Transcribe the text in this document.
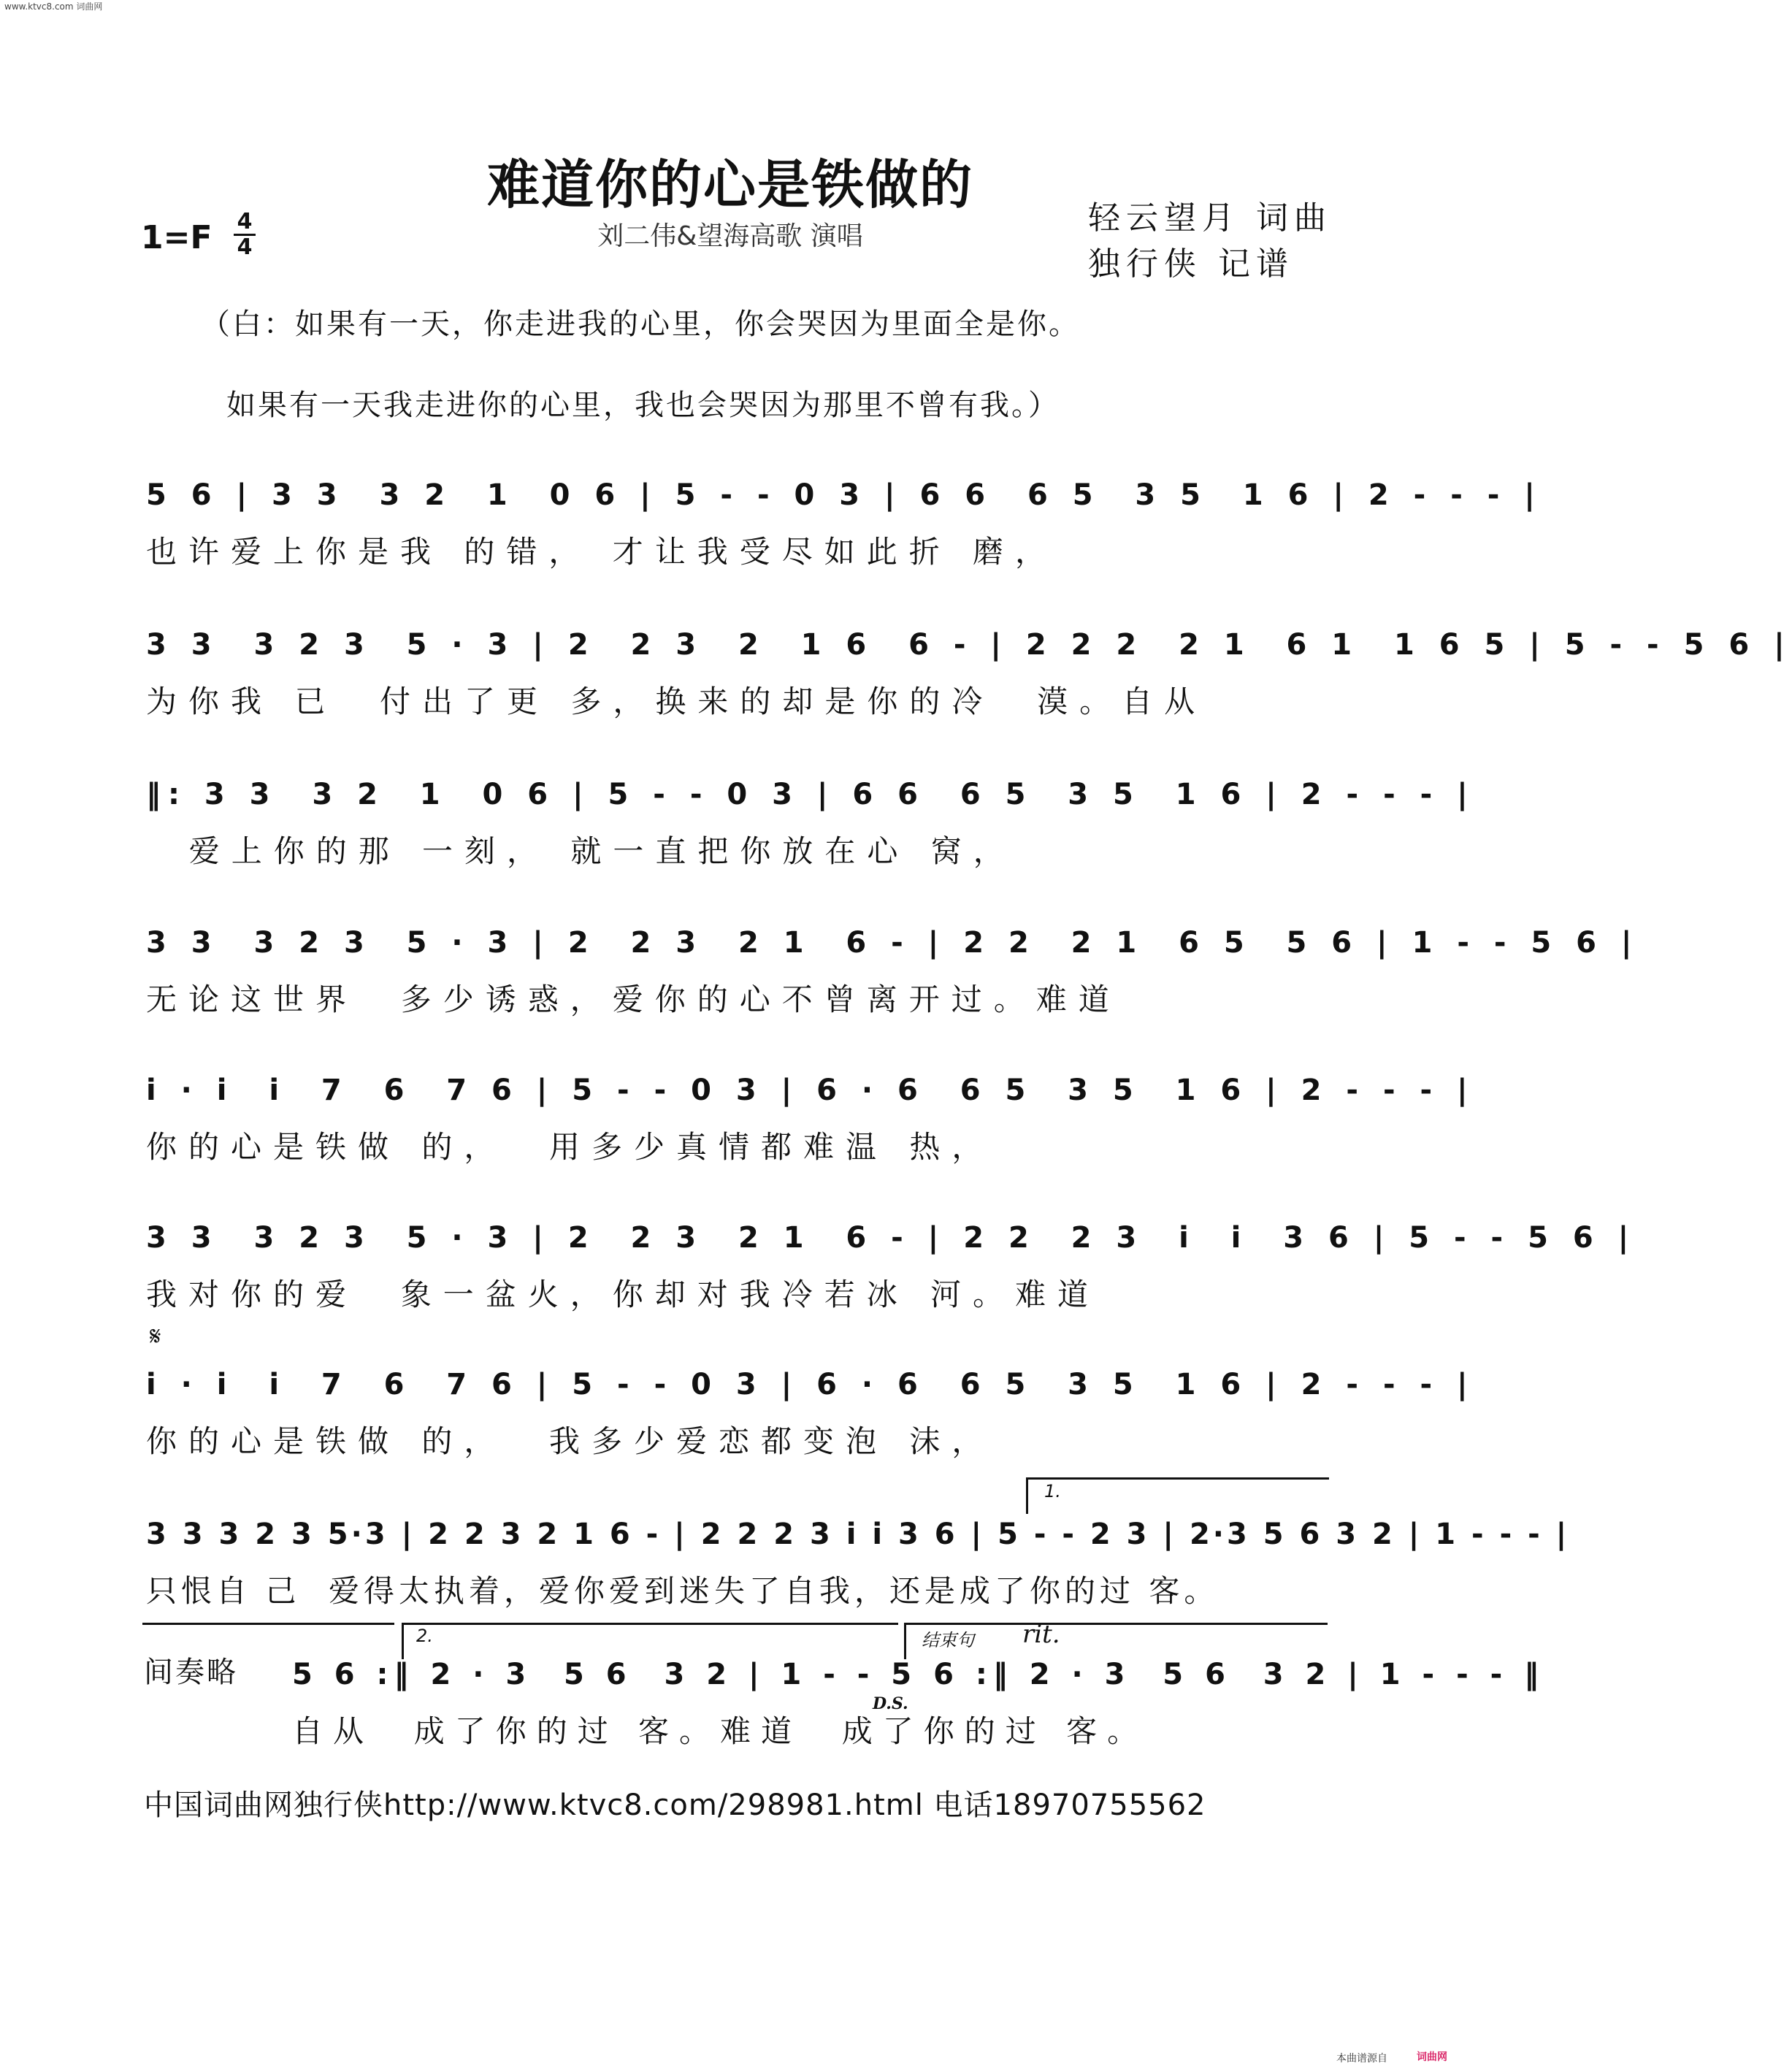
www.ktvc8.com 词曲网
难道你的心是铁做的
刘二伟&望海高歌 演唱	轻云望月 词曲
独行侠 记谱
1=F 4
4
（白：如果有一天，你走进我的心里，你会哭因为里面全是你。
如果有一天我走进你的心里，我也会哭因为那里不曾有我。）
5 6 | 3 3  3 2  1  0 6 | 5 - - 0 3 | 6 6  6 5  3 5  1 6 | 2 - - - |
也许爱上你是我 的错， 才让我受尽如此折 磨，
3 3  3 2 3  5 · 3 | 2  2 3  2  1 6  6 - | 2 2 2  2 1  6 1  1 6 5 | 5 - - 5 6 |
为你我 已  付出了更 多，换来的却是你的冷  漠。自从
‖: 3 3  3 2  1  0 6 | 5 - - 0 3 | 6 6  6 5  3 5  1 6 | 2 - - - |
爱上你的那 一刻， 就一直把你放在心 窝，
3 3  3 2 3  5 · 3 | 2  2 3  2 1  6 - | 2 2  2 1  6 5  5 6 | 1 - - 5 6 |
无论这世界  多少诱惑，爱你的心不曾离开过。难道
i · i  i  7  6  7 6 | 5 - - 0 3 | 6 · 6  6 5  3 5  1 6 | 2 - - - |
你的心是铁做 的，  用多少真情都难温 热，
3 3  3 2 3  5 · 3 | 2  2 3  2 1  6 - | 2 2  2 3  i  i  3 6 | 5 - - 5 6 |
我对你的爱  象一盆火，你却对我冷若冰 河。难道
𝄋
i · i  i  7  6  7 6 | 5 - - 0 3 | 6 · 6  6 5  3 5  1 6 | 2 - - - |
你的心是铁做 的，  我多少爱恋都变泡 沫，
1.
3 3 3 2 3 5·3 | 2 2 3 2 1 6 - | 2 2 2 3 i i 3 6 | 5 - - 2 3 | 2·3 5 6 3 2 | 1 - - - |
只恨自 己  爱得太执着，爱你爱到迷失了自我，还是成了你的过 客。
2.	结束句 rit.
间奏略 5 6 :‖ 2 · 3  5 6  3 2 | 1 - - 5 6 :‖ 2 · 3  5 6  3 2 | 1 - - - ‖
自从  成了你的过 客。难道  成了你的过 客。
D.S.
中国词曲网独行侠http://www.ktvc8.com/298981.html 电话18970755562
本曲谱源自	词曲网
